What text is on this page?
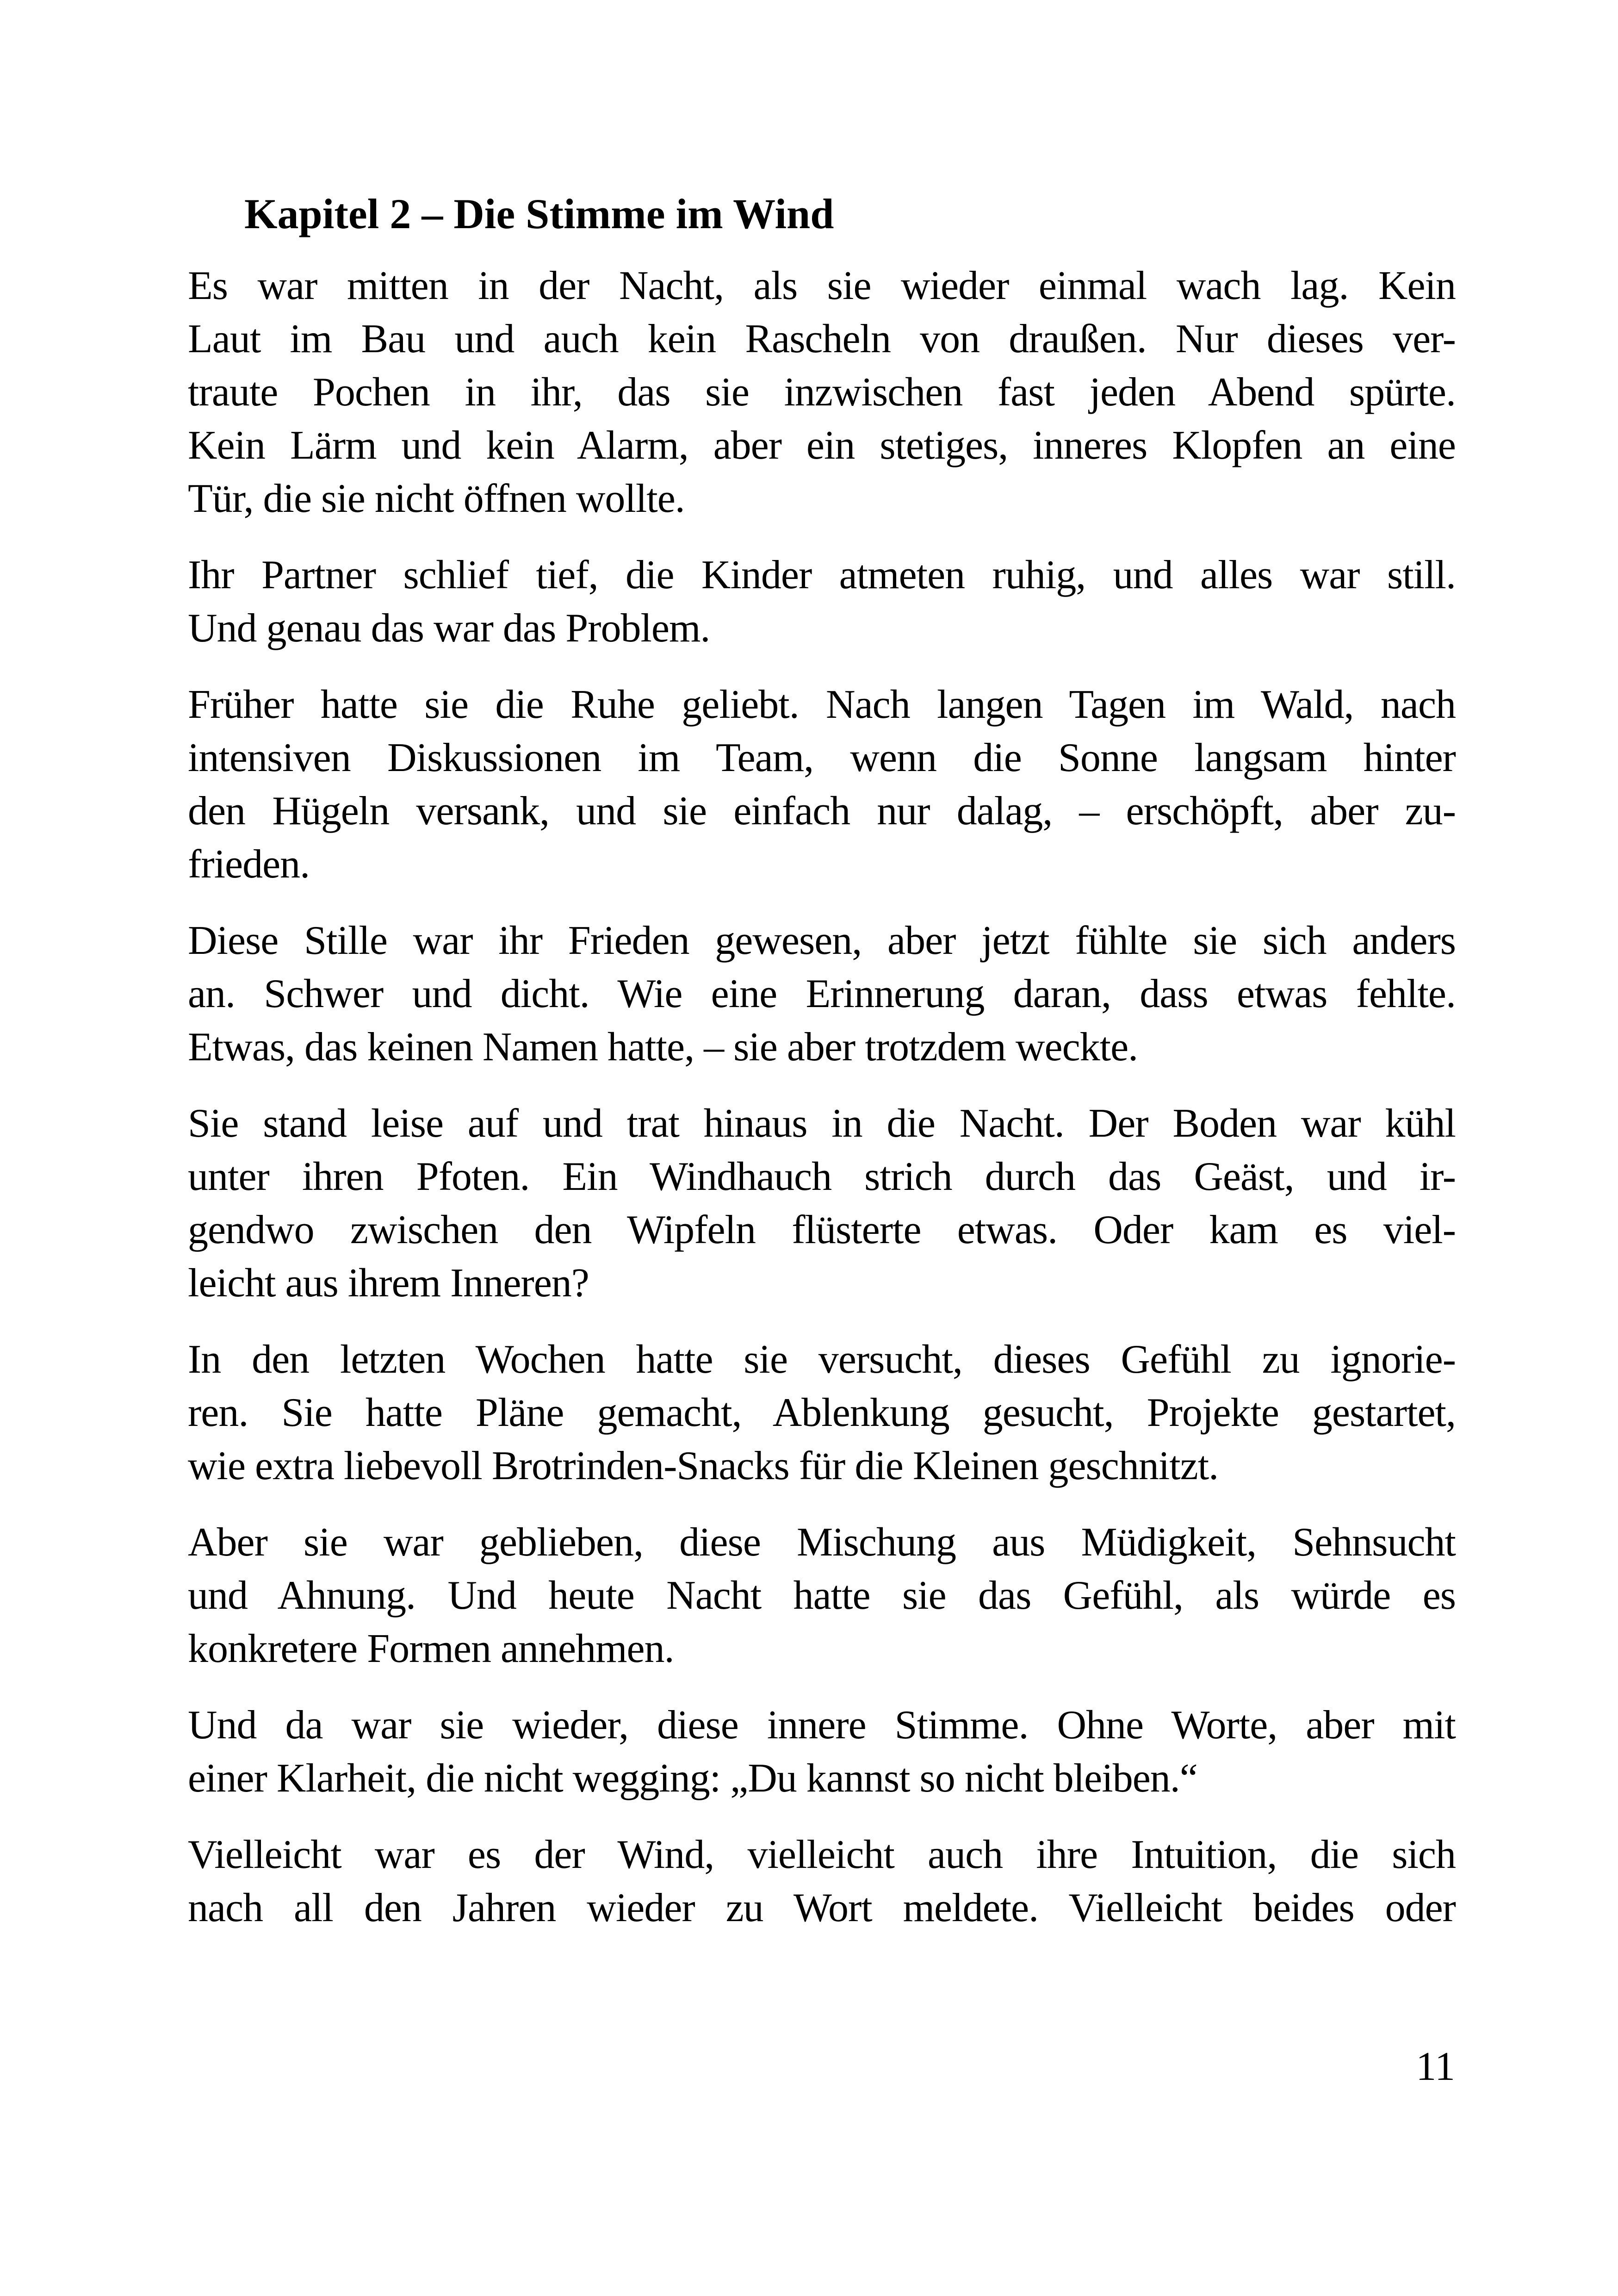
Kapitel 2 – Die Stimme im Wind

Es war mitten in der Nacht, als sie wieder einmal wach lag. Kein
Laut im Bau und auch kein Rascheln von draußen. Nur dieses ver-
traute Pochen in ihr, das sie inzwischen fast jeden Abend spürte.
Kein Lärm und kein Alarm, aber ein stetiges, inneres Klopfen an eine
Tür, die sie nicht öffnen wollte.

Ihr Partner schlief tief, die Kinder atmeten ruhig, und alles war still.
Und genau das war das Problem.

Früher hatte sie die Ruhe geliebt. Nach langen Tagen im Wald, nach
intensiven Diskussionen im Team, wenn die Sonne langsam hinter
den Hügeln versank, und sie einfach nur dalag, – erschöpft, aber zu-
frieden.

Diese Stille war ihr Frieden gewesen, aber jetzt fühlte sie sich anders
an. Schwer und dicht. Wie eine Erinnerung daran, dass etwas fehlte.
Etwas, das keinen Namen hatte, – sie aber trotzdem weckte.

Sie stand leise auf und trat hinaus in die Nacht. Der Boden war kühl
unter ihren Pfoten. Ein Windhauch strich durch das Geäst, und ir-
gendwo zwischen den Wipfeln flüsterte etwas. Oder kam es viel-
leicht aus ihrem Inneren?

In den letzten Wochen hatte sie versucht, dieses Gefühl zu ignorie-
ren. Sie hatte Pläne gemacht, Ablenkung gesucht, Projekte gestartet,
wie extra liebevoll Brotrinden-Snacks für die Kleinen geschnitzt.

Aber sie war geblieben, diese Mischung aus Müdigkeit, Sehnsucht
und Ahnung. Und heute Nacht hatte sie das Gefühl, als würde es
konkretere Formen annehmen.

Und da war sie wieder, diese innere Stimme. Ohne Worte, aber mit
einer Klarheit, die nicht wegging: „Du kannst so nicht bleiben.“

Vielleicht war es der Wind, vielleicht auch ihre Intuition, die sich
nach all den Jahren wieder zu Wort meldete. Vielleicht beides oder

11
